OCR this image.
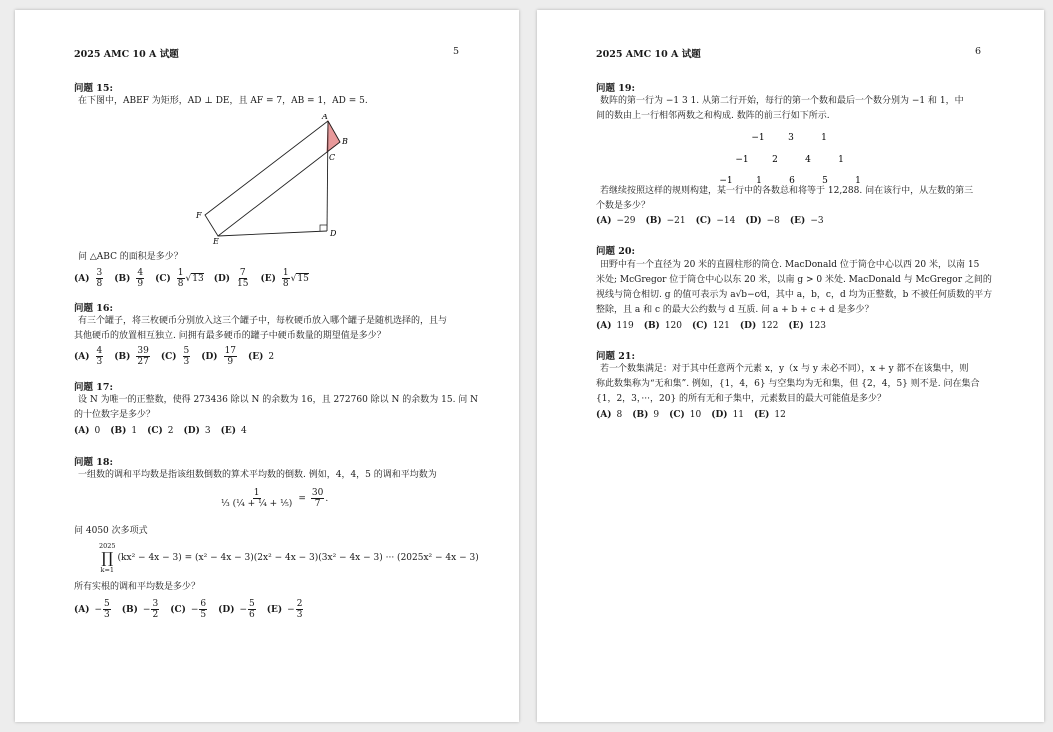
2025 AMC 10 A 试题	5
问题 15:
在下图中，ABEF 为矩形，AD ⊥ DE，且 AF = 7，AB = 1，AD = 5.
A
B
C
D
E
F
问 △ABC 的面积是多少？
$(A) \frac{3}{8} (B) \frac{4}{9} (C) \frac{1}{8}$ √ 13 $(D) \frac{7}{15} (E) \frac{1}{8}$ √ 15
问题 16:
有三个罐子，将三枚硬币分别放入这三个罐子中，每枚硬币放入哪个罐子是随机选择的，且与
其他硬币的放置相互独立. 问拥有最多硬币的罐子中硬币数量的期望值是多少？
$(A) \frac{4}{3} (B) \frac{39}{27} (C) \frac{5}{3} (D) \frac{17}{9} (E)$ 2
问题 17:
设 N 为唯一的正整数，使得 273436 除以 N 的余数为 16，且 272760 除以 N 的余数为 15. 问 N
的十位数字是多少？
(A) 0 (B) 1 (C) 2 (D) 3 (E) 4
问题 18:
一组数的调和平均数是指该组数倒数的算术平均数的倒数. 例如，4，4，5 的调和平均数为
$\frac{1}{\text{⅓ (¼ + ¼ + ⅕)}} = \frac{30}{7}$ .
问 4050 次多项式
2025
∏
k=1
(kx² − 4x − 3) = (x² − 4x − 3)(2x² − 4x − 3)(3x² − 4x − 3) ··· (2025x² − 4x − 3)
所有实根的调和平均数是多少？
$(A) - \frac{5}{3} (B) - \frac{3}{2} (C) - \frac{6}{5} (D) - \frac{5}{6} (E) - \frac{2}{3}$
2025 AMC 10 A 试题	6
问题 19:
数阵的第一行为 −1 3 1. 从第二行开始，每行的第一个数和最后一个数分别为 −1 和 1，中
间的数由上一行相邻两数之和构成. 数阵的前三行如下所示.
−1	3	1
−1	2	4	1
−1	1	6	5	1
若继续按照这样的规则构建，某一行中的各数总和将等于 12,288. 问在该行中，从左数的第三
个数是多少？
(A) −29 (B) −21 (C) −14 (D) −8 (E) −3
问题 20:
田野中有一个直径为 20 米的直圆柱形的筒仓. MacDonald 位于筒仓中心以西 20 米，以南 15
米处; McGregor 位于筒仓中心以东 20 米，以南 g > 0 米处. MacDonald 与 McGregor 之间的
视线与筒仓相切. g 的值可表示为 a√b−c⁄d，其中 a，b，c，d 均为正整数，b 不被任何质数的平方
整除，且 a 和 c 的最大公约数与 d 互质. 问 a + b + c + d 是多少？
(A) 119 (B) 120 (C) 121 (D) 122 (E) 123
问题 21:
若一个数集满足：对于其中任意两个元素 x，y（x 与 y 未必不同），x + y 都不在该集中，则
称此数集称为“无和集”. 例如，{1，4，6} 与空集均为无和集，但 {2，4，5} 则不是. 问在集合
{1，2，3，···，20} 的所有无和子集中，元素数目的最大可能值是多少？
(A) 8 (B) 9 (C) 10 (D) 11 (E) 12
